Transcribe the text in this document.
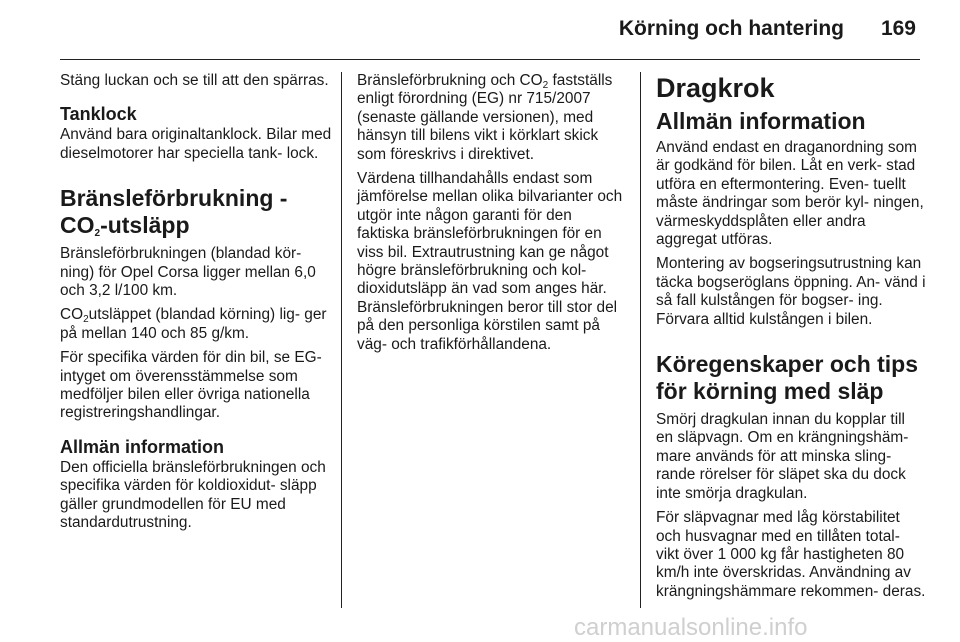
Körning och hantering 169

Stäng luckan och se till att den spärras.

Tanklock

Använd bara originaltanklock. Bilar med dieselmotorer har speciella tank- lock.

Bränsleförbrukning -
$CO_2$-utsläpp

Bränsleförbrukningen (blandad kör- ning) för Opel Corsa ligger mellan 6,0 och 3,2 l/100 km.

$CO_2utsläppet$ (blandad körning) lig- ger på mellan 140 och 85 g/km.

För specifika värden för din bil, se EG-intyget om överensstämmelse som medföljer bilen eller övriga nationella registreringshandlingar.

Allmän information

Den officiella bränsleförbrukningen och specifika värden för koldioxidut- släpp gäller grundmodellen för EU med standardutrustning.

Bränsleförbrukning och $CO_2$ fastställs enligt förordning (EG) nr 715/2007 (senaste gällande versionen), med hänsyn till bilens vikt i körklart skick som föreskrivs i direktivet.

Värdena tillhandahålls endast som jämförelse mellan olika bilvarianter och utgör inte någon garanti för den faktiska bränsleförbrukningen för en viss bil. Extrautrustning kan ge något högre bränsleförbrukning och kol- dioxidutsläpp än vad som anges här. Bränsleförbrukningen beror till stor del på den personliga körstilen samt på väg- och trafikförhållandena.

Dragkrok
Allmän information

Använd endast en draganordning som är godkänd för bilen. Låt en verk- stad utföra en eftermontering. Even- tuellt måste ändringar som berör kyl- ningen, värmeskyddsplåten eller andra aggregat utföras.

Montering av bogseringsutrustning kan täcka bogseröglans öppning. An- vänd i så fall kulstången för bogser- ing. Förvara alltid kulstången i bilen.

Köregenskaper och tips för körning med släp

Smörj dragkulan innan du kopplar till en släpvagn. Om en krängningshäm- mare används för att minska sling- rande rörelser för släpet ska du dock inte smörja dragkulan.

För släpvagnar med låg körstabilitet och husvagnar med en tillåten total- vikt över 1 000 kg får hastigheten 80 km/h inte överskridas. Användning av krängningshämmare rekommen- deras.

carmanualsonline.info
